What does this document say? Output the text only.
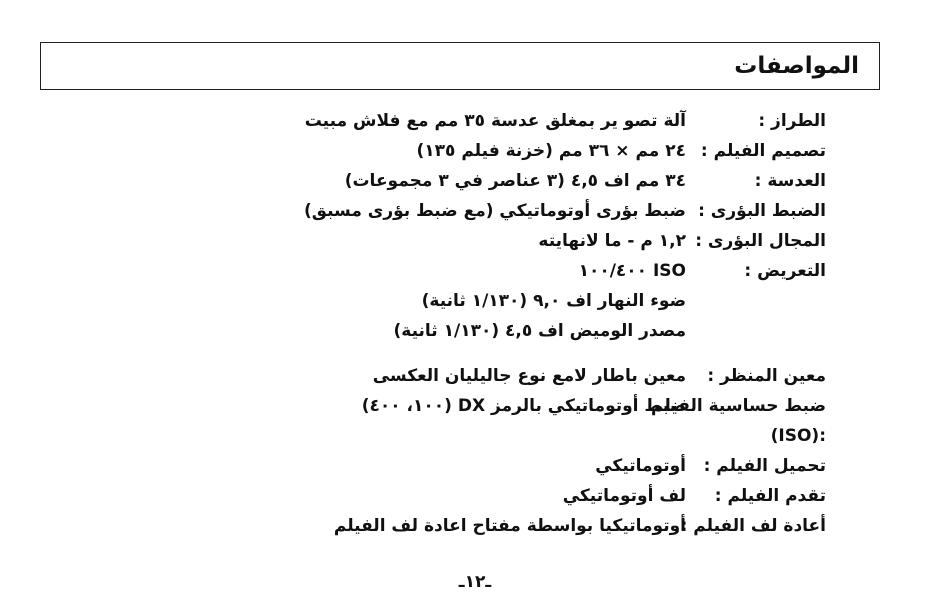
المواصفات
الطراز :
آلة تصو ير بمغلق عدسة ٣٥ مم مع فلاش مبيت
تصميم الفيلم :
٢٤ مم × ٣٦ مم (خزنة فيلم ١٣٥)
العدسة :
٣٤ مم اف ٤,٥ (٣ عناصر في ٣ مجموعات)
الضبط البؤرى :
ضبط بؤرى أوتوماتيكي (مع ضبط بؤرى مسبق)
المجال البؤرى :
١,٢ م - ما لانهايته
التعريض :
ISO ١٠٠/٤٠٠
ضوء النهار اف ٩,٠ (١/١٣٠ ثانية)
مصدر الوميض اف ٤,٥ (١/١٣٠ ثانية)
معين المنظر :
معين باطار لامع نوع جاليليان العكسى
ضبط حساسية الفيلم
:(ISO)
ضبط أوتوماتيكي بالرمز DX (١٠٠، ٤٠٠)
تحميل الفيلم :
أوتوماتيكي
تقدم الفيلم :
لف أوتوماتيكي
أعادة لف الفيلم :
أوتوماتيكيا بواسطة مفتاح اعادة لف الفيلم
ـ١٢ـ
